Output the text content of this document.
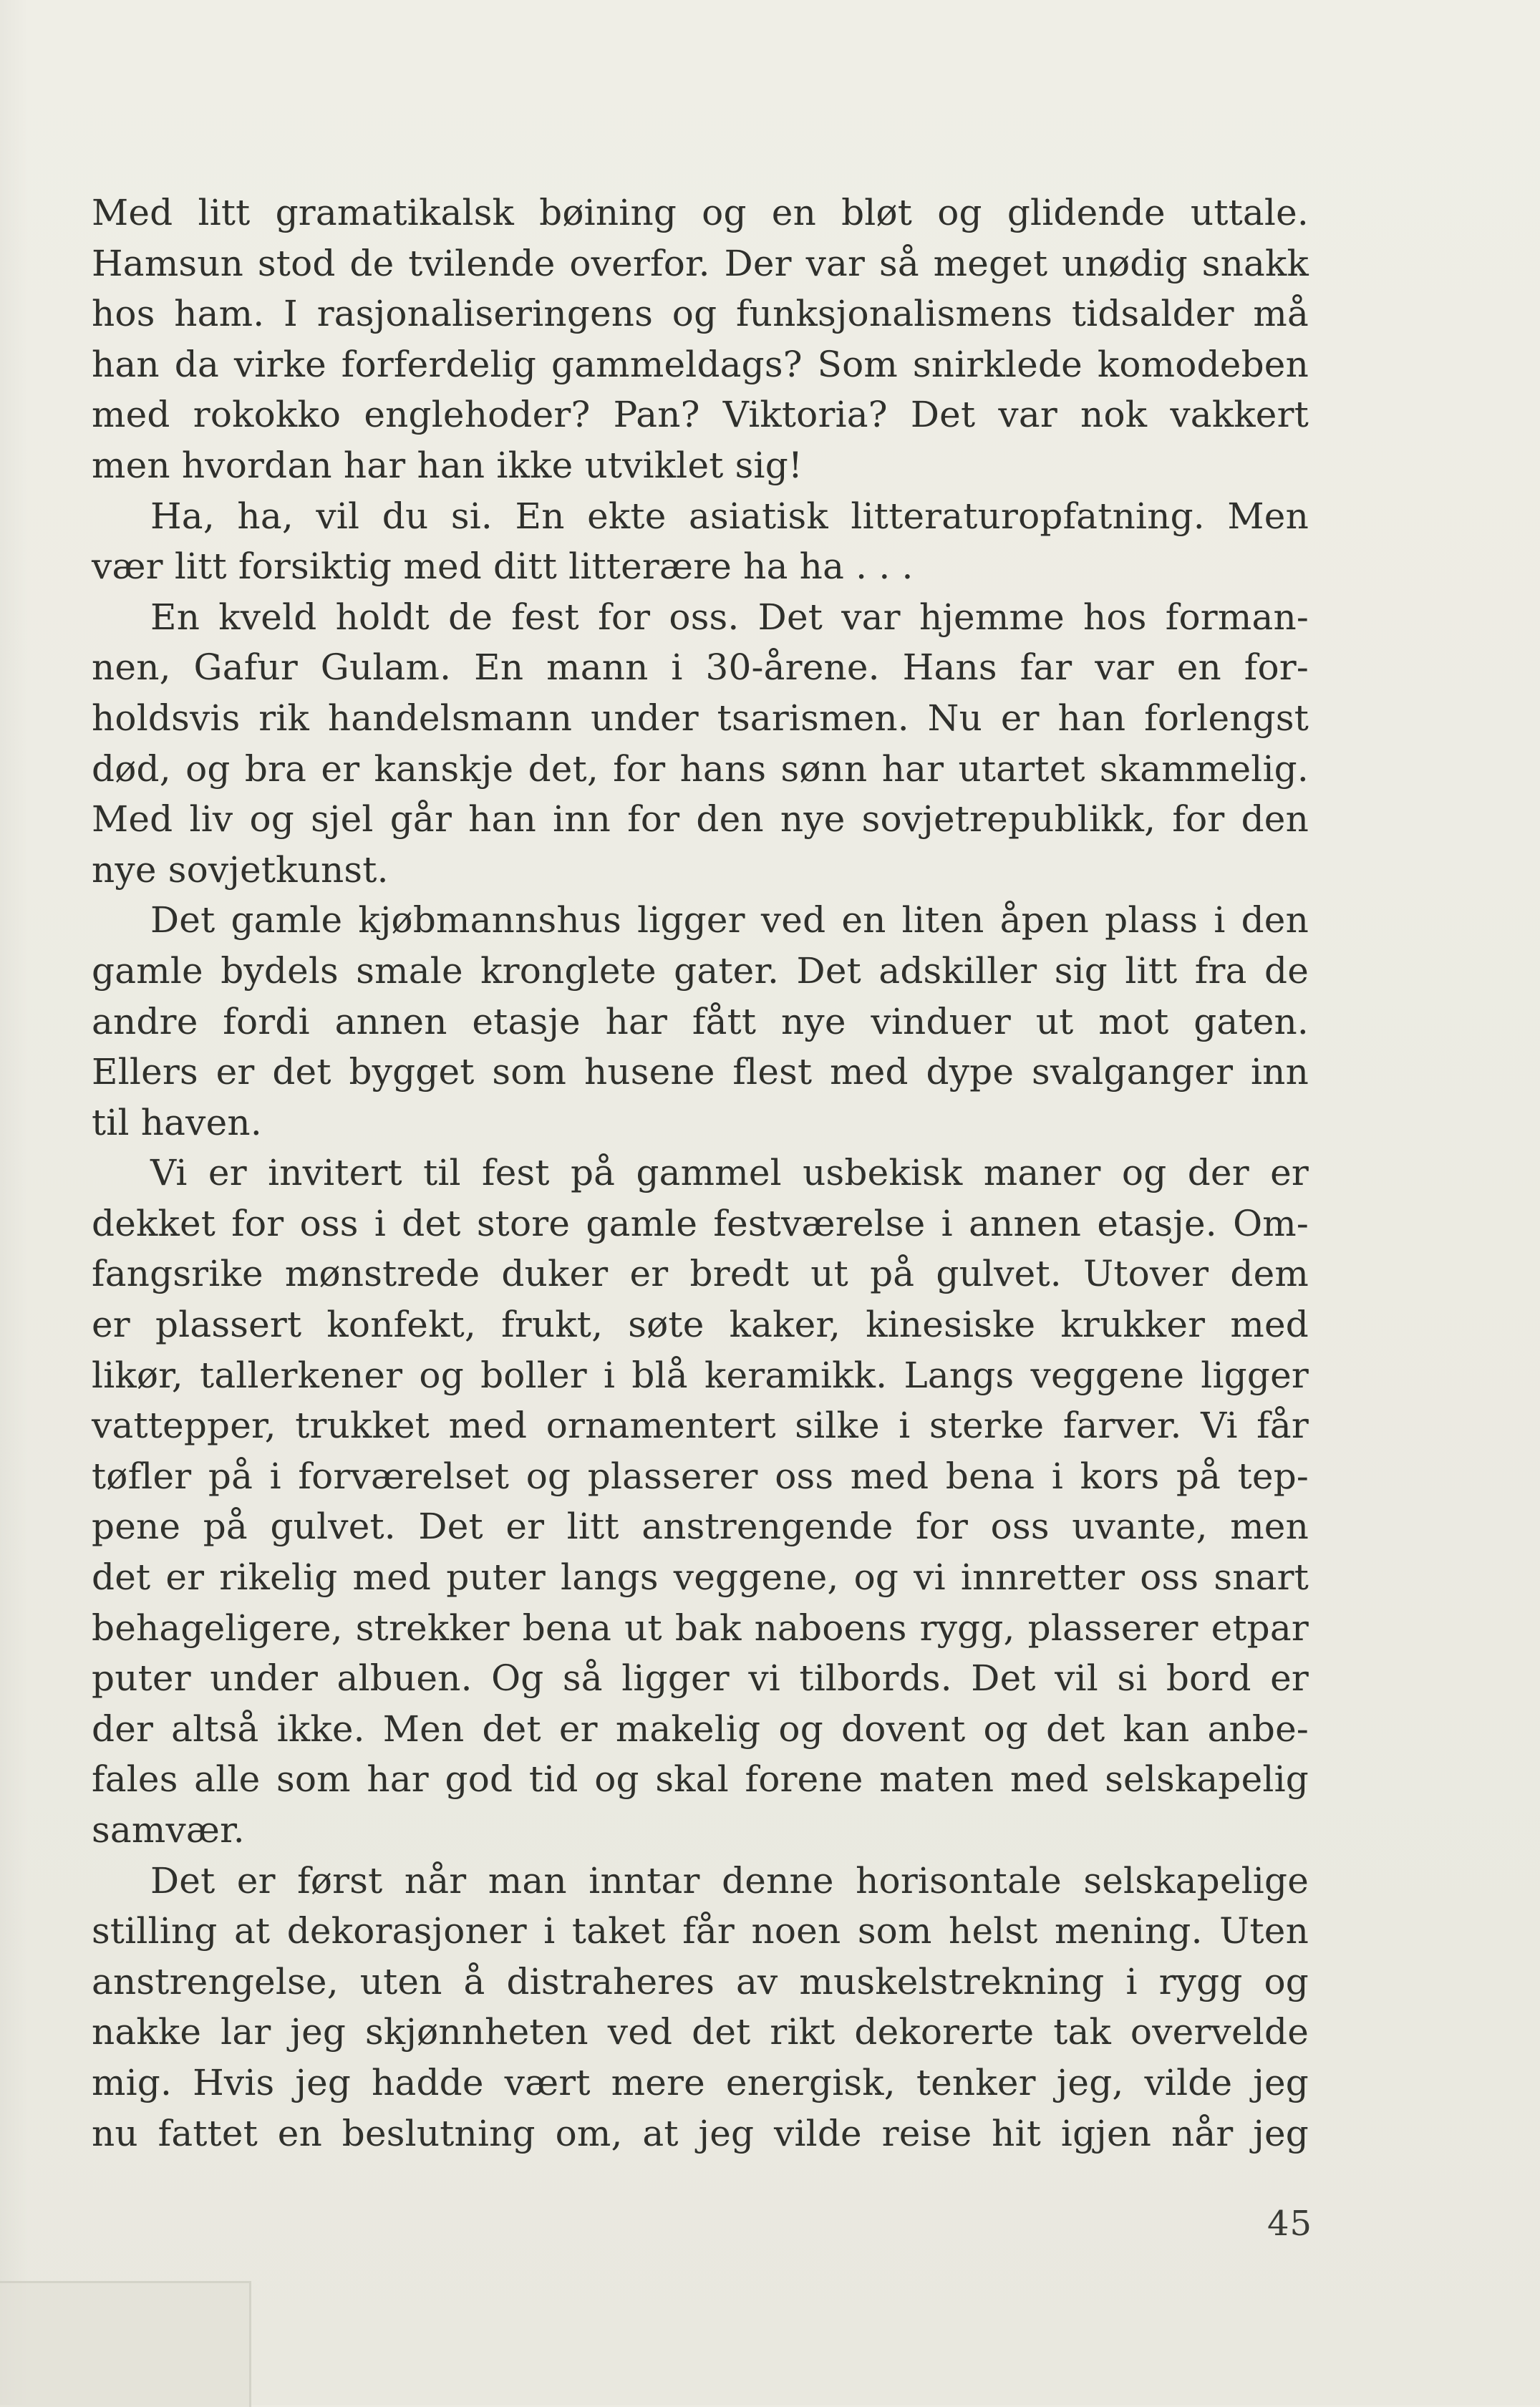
Med litt gramatikalsk bøining og en bløt og glidende uttale.
Hamsun stod de tvilende overfor. Der var så meget unødig snakk
hos ham. I rasjonaliseringens og funksjonalismens tidsalder må
han da virke forferdelig gammeldags? Som snirklede komodeben
med rokokko englehoder? Pan? Viktoria? Det var nok vakkert
men hvordan har han ikke utviklet sig!
Ha, ha, vil du si. En ekte asiatisk litteraturopfatning. Men
vær litt forsiktig med ditt litterære ha ha . . .
En kveld holdt de fest for oss. Det var hjemme hos forman-
nen, Gafur Gulam. En mann i 30-årene. Hans far var en for-
holdsvis rik handelsmann under tsarismen. Nu er han forlengst
død, og bra er kanskje det, for hans sønn har utartet skammelig.
Med liv og sjel går han inn for den nye sovjetrepublikk, for den
nye sovjetkunst.
Det gamle kjøbmannshus ligger ved en liten åpen plass i den
gamle bydels smale kronglete gater. Det adskiller sig litt fra de
andre fordi annen etasje har fått nye vinduer ut mot gaten.
Ellers er det bygget som husene flest med dype svalganger inn
til haven.
Vi er invitert til fest på gammel usbekisk maner og der er
dekket for oss i det store gamle festværelse i annen etasje. Om-
fangsrike mønstrede duker er bredt ut på gulvet. Utover dem
er plassert konfekt, frukt, søte kaker, kinesiske krukker med
likør, tallerkener og boller i blå keramikk. Langs veggene ligger
vattepper, trukket med ornamentert silke i sterke farver. Vi får
tøfler på i forværelset og plasserer oss med bena i kors på tep-
pene på gulvet. Det er litt anstrengende for oss uvante, men
det er rikelig med puter langs veggene, og vi innretter oss snart
behageligere, strekker bena ut bak naboens rygg, plasserer etpar
puter under albuen. Og så ligger vi tilbords. Det vil si bord er
der altså ikke. Men det er makelig og dovent og det kan anbe-
fales alle som har god tid og skal forene maten med selskapelig
samvær.
Det er først når man inntar denne horisontale selskapelige
stilling at dekorasjoner i taket får noen som helst mening. Uten
anstrengelse, uten å distraheres av muskelstrekning i rygg og
nakke lar jeg skjønnheten ved det rikt dekorerte tak overvelde
mig. Hvis jeg hadde vært mere energisk, tenker jeg, vilde jeg
nu fattet en beslutning om, at jeg vilde reise hit igjen når jeg
45
